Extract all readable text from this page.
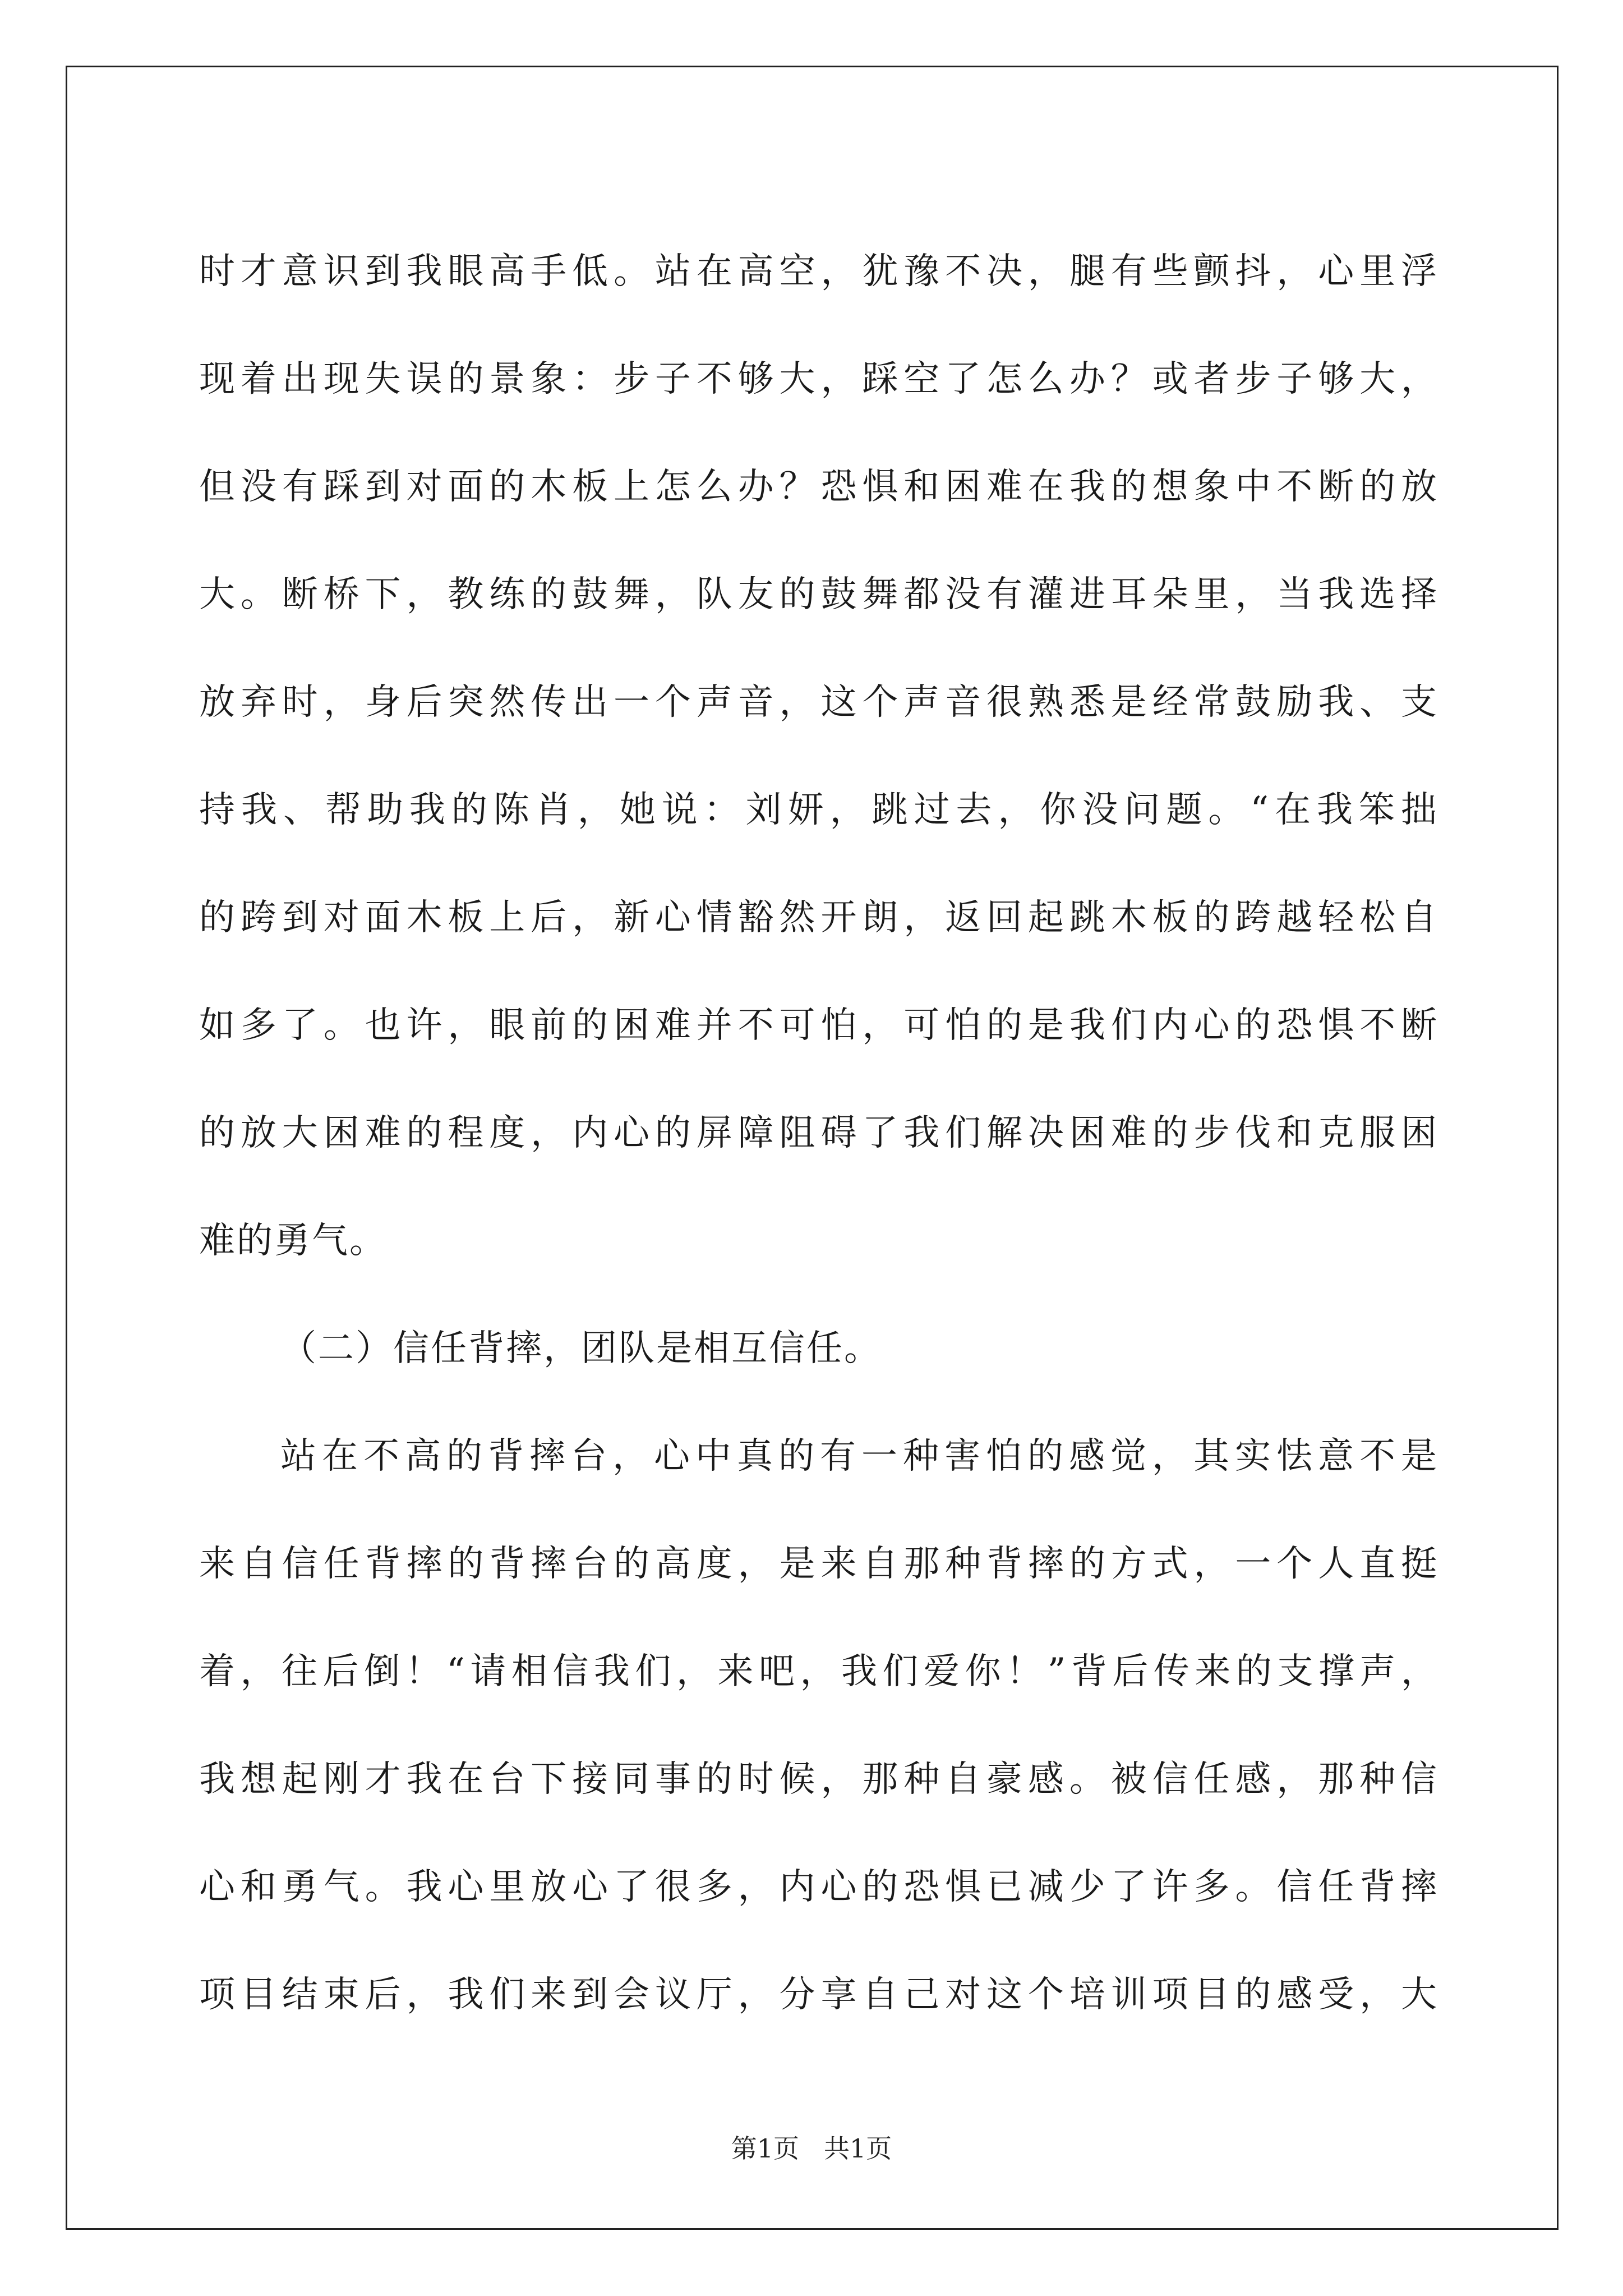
时才意识到我眼高手低。站在高空，犹豫不决，腿有些颤抖，心里浮
现着出现失误的景象：步子不够大，踩空了怎么办？或者步子够大，
但没有踩到对面的木板上怎么办？恐惧和困难在我的想象中不断的放
大。断桥下，教练的鼓舞，队友的鼓舞都没有灌进耳朵里，当我选择
放弃时，身后突然传出一个声音，这个声音很熟悉是经常鼓励我、支
持我、帮助我的陈肖，她说：刘妍，跳过去，你没问题。“在我笨拙
的跨到对面木板上后，新心情豁然开朗，返回起跳木板的跨越轻松自
如多了。也许，眼前的困难并不可怕，可怕的是我们内心的恐惧不断
的放大困难的程度，内心的屏障阻碍了我们解决困难的步伐和克服困
难的勇气。

（二）信任背摔，团队是相互信任。

站在不高的背摔台，心中真的有一种害怕的感觉，其实怯意不是
来自信任背摔的背摔台的高度，是来自那种背摔的方式，一个人直挺
着，往后倒！“请相信我们，来吧，我们爱你！”背后传来的支撑声，
我想起刚才我在台下接同事的时候，那种自豪感。被信任感，那种信
心和勇气。我心里放心了很多，内心的恐惧已减少了许多。信任背摔
项目结束后，我们来到会议厅，分享自己对这个培训项目的感受，大

第1页 共1页
